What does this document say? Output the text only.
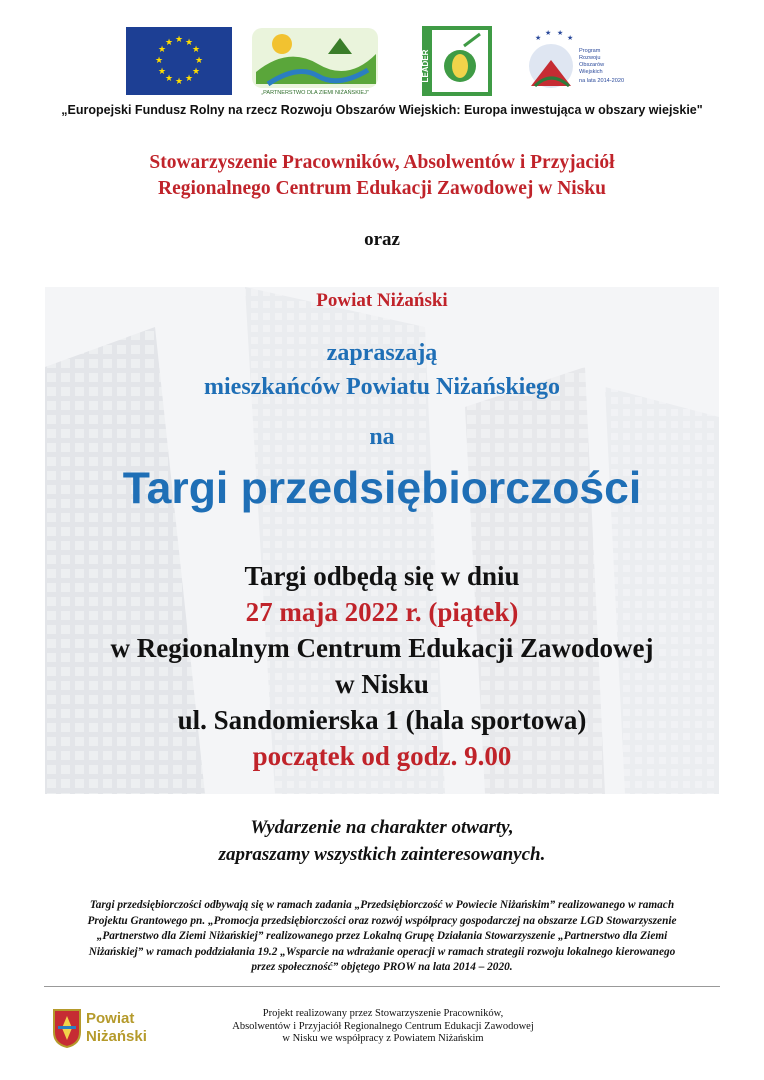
★ ★
★
★
★
★
★
★
★
★
★
★
„PARTNERSTWO DLA ZIEMI NIŻAŃSKIEJ”
LEADER
★
★ ★
★
Program
Rozwoju
Obszarów
Wiejskich
na lata 2014-2020
„Europejski Fundusz Rolny na rzecz Rozwoju Obszarów Wiejskich: Europa inwestująca w obszary wiejskie"
Stowarzyszenie Pracowników, Absolwentów i Przyjaciół
Regionalnego Centrum Edukacji Zawodowej w Nisku
oraz
Powiat Niżański
zapraszają
mieszkańców Powiatu Niżańskiego
na
Targi przedsiębiorczości
Targi odbędą się w dniu
27 maja 2022 r. (piątek)
w Regionalnym Centrum Edukacji Zawodowej
w Nisku
ul. Sandomierska 1 (hala sportowa)
początek od godz. 9.00
Wydarzenie na charakter otwarty,
zapraszamy wszystkich zainteresowanych.
Targi przedsiębiorczości odbywają się w ramach zadania „Przedsiębiorczość w Powiecie Niżańskim” realizowanego w ramach
Projektu Grantowego pn. „Promocja przedsiębiorczości oraz rozwój współpracy gospodarczej na obszarze LGD Stowarzyszenie
„Partnerstwo dla Ziemi Niżańskiej” realizowanego przez Lokalną Grupę Działania Stowarzyszenie „Partnerstwo dla Ziemi
Niżańskiej” w ramach poddziałania 19.2 „Wsparcie na wdrażanie operacji w ramach strategii rozwoju lokalnego kierowanego
przez społeczność” objętego PROW na lata 2014 – 2020.
Powiat
Niżański
Projekt realizowany przez Stowarzyszenie Pracowników,
Absolwentów i Przyjaciół Regionalnego Centrum Edukacji Zawodowej
w Nisku we współpracy z Powiatem Niżańskim
